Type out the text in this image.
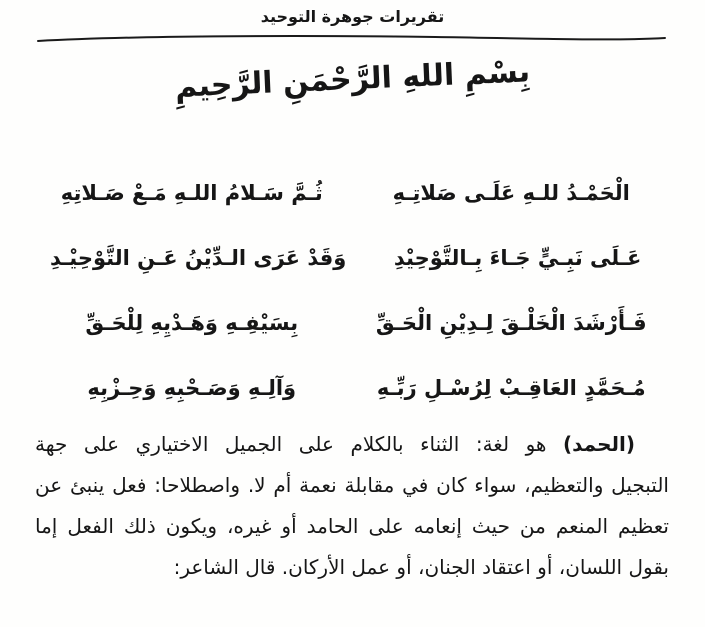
تقريرات جوهرة التوحيد
بِسْمِ اللهِ الرَّحْمَنِ الرَّحِيمِ
الْحَمْـدُ للـهِ عَلَـى صَلاتِـهِ
ثُـمَّ سَـلامُ اللـهِ مَـعْ صَـلاتِهِ
عَـلَى نَبِـيٍّ جَـاءَ بِـالتَّوْحِيْدِ
وَقَدْ عَرَى الـدِّيْنُ عَـنِ التَّوْحِيْـدِ
فَـأَرْشَدَ الْخَلْـقَ لِـدِيْنِ الْحَـقِّ
بِسَيْفِـهِ وَهَـدْيِهِ لِلْحَـقِّ
مُـحَمَّدٍ العَاقِـبْ لِرُسْـلِ رَبِّـهِ
وَآلِـهِ وَصَـحْبِهِ وَحِـزْبِهِ
(الحمد) هو لغة: الثناء بالكلام على الجميل الاختياري على جهة
التبجيل والتعظيم، سواء كان في مقابلة نعمة أم لا. واصطلاحا: فعل ينبئ عن
تعظيم المنعم من حيث إنعامه على الحامد أو غيره، ويكون ذلك الفعل إما
بقول اللسان، أو اعتقاد الجنان، أو عمل الأركان. قال الشاعر:
